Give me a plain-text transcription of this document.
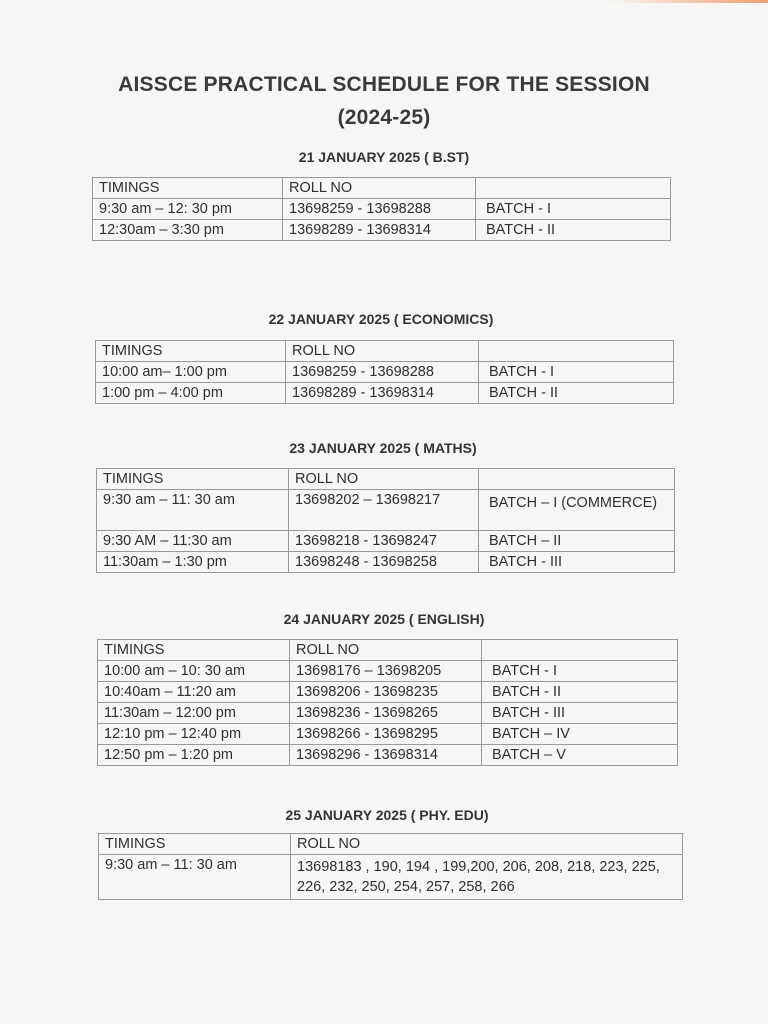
AISSCE PRACTICAL SCHEDULE FOR THE SESSION
(2024-25)
21 JANUARY 2025 ( B.ST)
TIMINGS	ROLL NO	
9:30 am – 12: 30 pm	13698259 - 13698288	BATCH - I
12:30am – 3:30 pm	13698289 - 13698314	BATCH - II
22 JANUARY 2025 ( ECONOMICS)
TIMINGS	ROLL NO	
10:00 am– 1:00 pm	13698259 - 13698288	BATCH - I
1:00 pm – 4:00 pm	13698289 - 13698314	BATCH - II
23 JANUARY 2025 ( MATHS)
TIMINGS	ROLL NO	
9:30 am – 11: 30 am	13698202 – 13698217	BATCH – I (COMMERCE)
9:30 AM – 11:30 am	13698218 - 13698247	BATCH – II
11:30am – 1:30 pm	13698248 - 13698258	BATCH - III
24 JANUARY 2025 ( ENGLISH)
TIMINGS	ROLL NO	
10:00 am – 10: 30 am	13698176 – 13698205	BATCH - I
10:40am – 11:20 am	13698206 - 13698235	BATCH - II
11:30am – 12:00 pm	13698236 - 13698265	BATCH - III
12:10 pm – 12:40 pm	13698266 - 13698295	BATCH – IV
12:50 pm – 1:20 pm	13698296 - 13698314	BATCH – V
25 JANUARY 2025 ( PHY. EDU)
TIMINGS	ROLL NO
9:30 am – 11: 30 am	13698183 , 190, 194 , 199,200, 206, 208, 218, 223, 225, 226, 232, 250, 254, 257, 258, 266
